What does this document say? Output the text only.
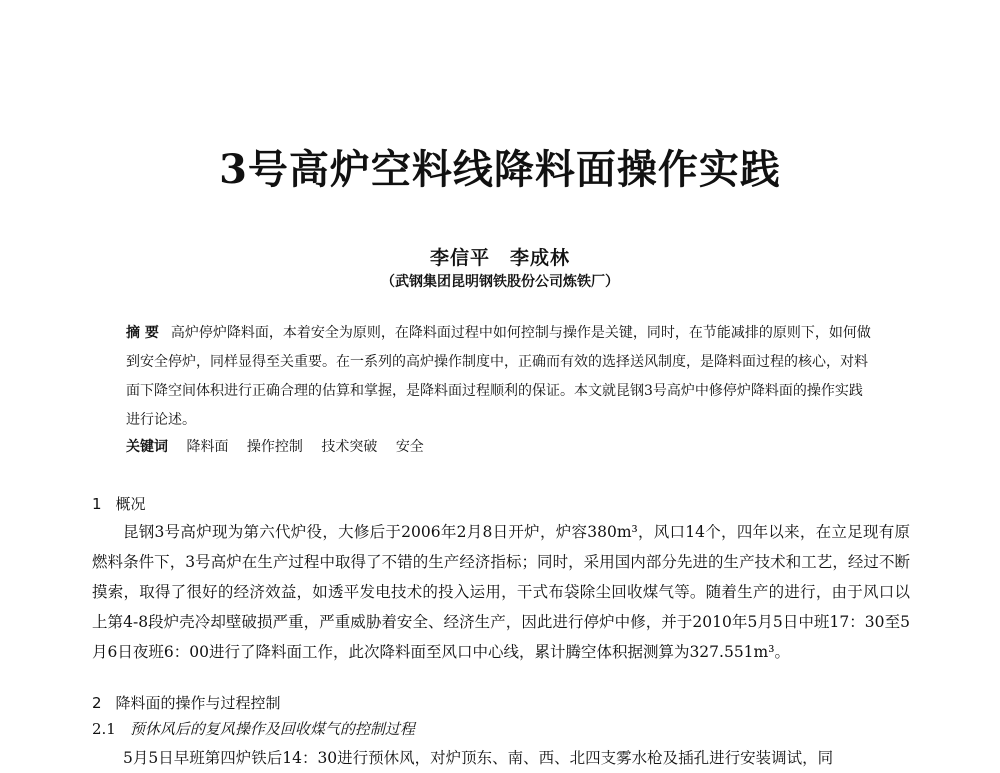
3号高炉空料线降料面操作实践
李信平　李成林
（武钢集团昆明钢铁股份公司炼铁厂）
摘 要 高炉停炉降料面，本着安全为原则，在降料面过程中如何控制与操作是关键，同时，在节能减排的原则下，如何做到安全停炉，同样显得至关重要。在一系列的高炉操作制度中，正确而有效的选择送风制度，是降料面过程的核心，对料面下降空间体积进行正确合理的估算和掌握，是降料面过程顺利的保证。本文就昆钢3号高炉中修停炉降料面的操作实践进行论述。
关键词 降料面 操作控制 技术突破 安全
1 概况
昆钢3号高炉现为第六代炉役，大修后于2006年2月8日开炉，炉容380m³，风口14个，四年以来，在立足现有原燃料条件下，3号高炉在生产过程中取得了不错的生产经济指标；同时，采用国内部分先进的生产技术和工艺，经过不断摸索，取得了很好的经济效益，如透平发电技术的投入运用，干式布袋除尘回收煤气等。随着生产的进行，由于风口以上第4-8段炉壳冷却壁破损严重，严重威胁着安全、经济生产，因此进行停炉中修，并于2010年5月5日中班17：30至5月6日夜班6：00进行了降料面工作，此次降料面至风口中心线，累计腾空体积据测算为327.551m³。
2 降料面的操作与过程控制
2.1 预休风后的复风操作及回收煤气的控制过程
5月5日早班第四炉铁后14：30进行预休风，对炉顶东、南、西、北四支雾水枪及插孔进行安装调试，同
